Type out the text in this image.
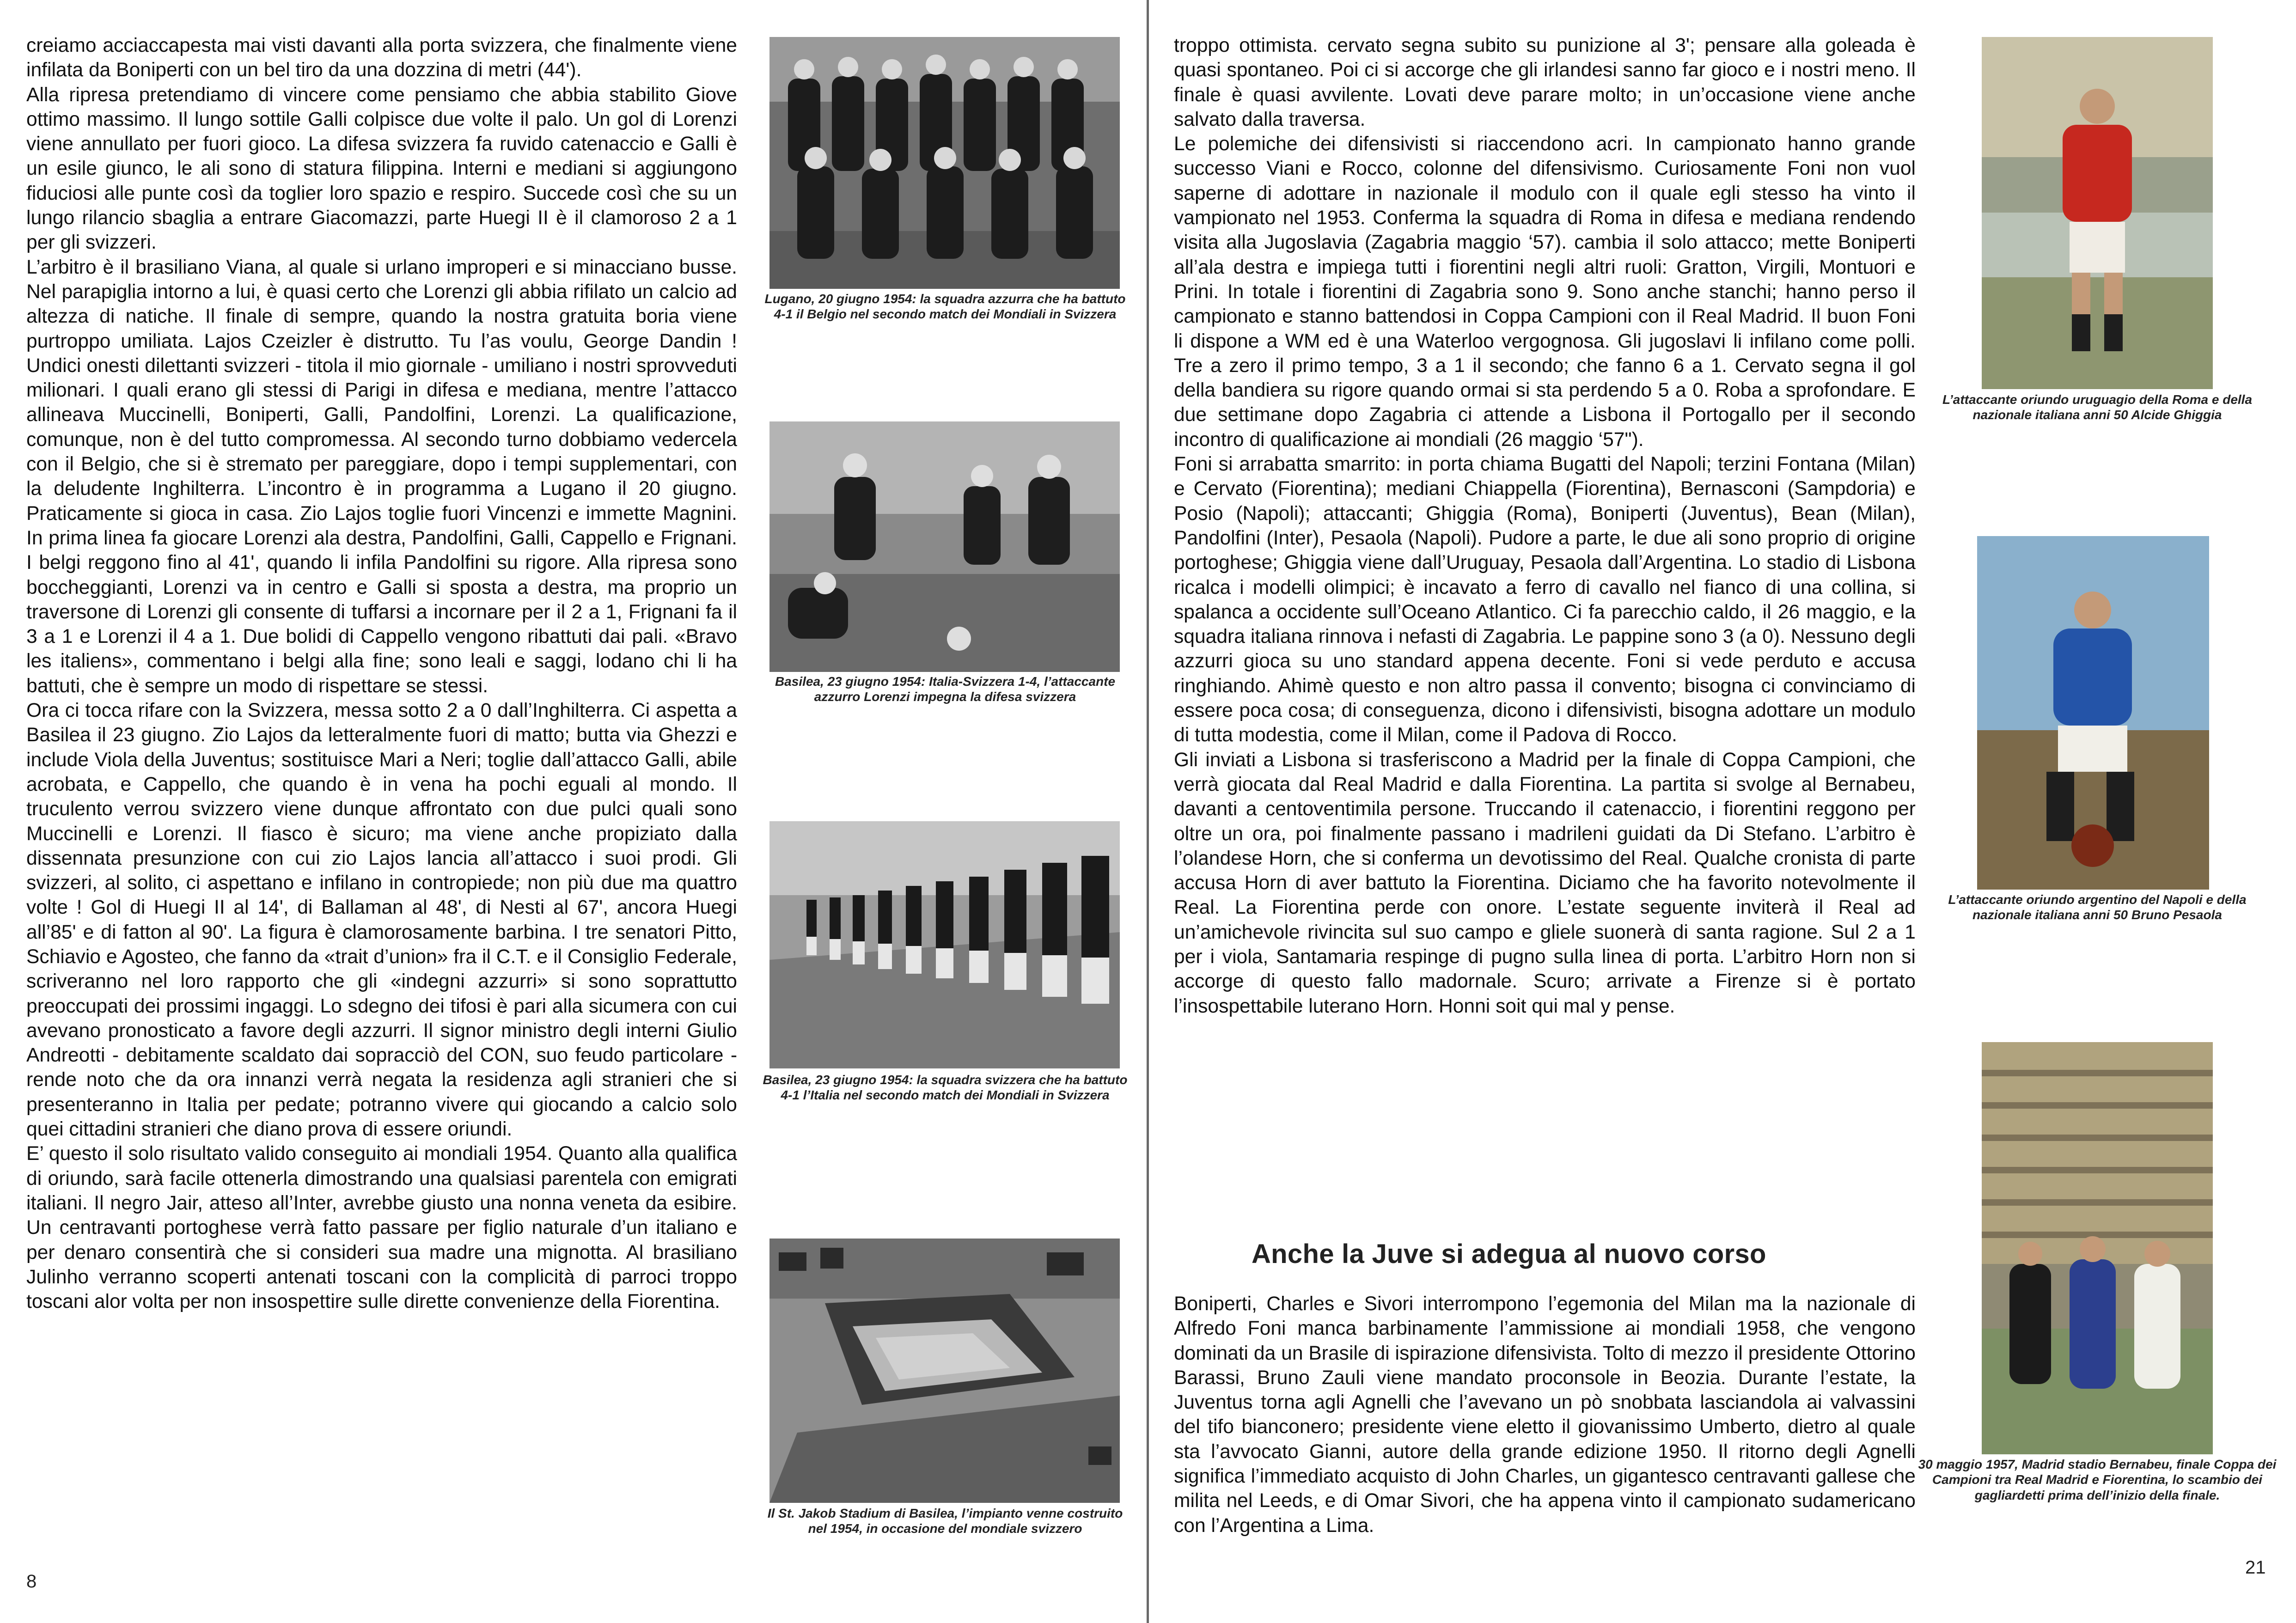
creiamo acciaccapesta mai visti davanti alla porta svizzera, che finalmente viene infilata da Boniperti con un bel tiro da una dozzina di metri (44').

Alla ripresa pretendiamo di vincere come pensiamo che abbia stabilito Giove ottimo massimo. Il lungo sottile Galli colpisce due volte il palo. Un gol di Lorenzi viene annullato per fuori gioco. La difesa svizzera fa ruvido catenaccio e Galli è un esile giunco, le ali sono di statura filippina. Interni e mediani si aggiungono fiduciosi alle punte così da toglier loro spazio e respiro. Succede così che su un lungo rilancio sbaglia a entrare Giacomazzi, parte Huegi II è il clamoroso 2 a 1 per gli svizzeri.

L’arbitro è il brasiliano Viana, al quale si urlano improperi e si minacciano busse. Nel parapiglia intorno a lui, è quasi certo che Lorenzi gli abbia rifilato un calcio ad altezza di natiche. Il finale di sempre, quando la nostra gratuita boria viene purtroppo umiliata. Lajos Czeizler è distrutto. Tu l’as voulu, George Dandin ! Undici onesti dilettanti svizzeri - titola il mio giornale - umiliano i nostri sprovveduti milionari. I quali erano gli stessi di Parigi in difesa e mediana, mentre l’attacco allineava Muccinelli, Boniperti, Galli, Pandolfini, Lorenzi. La qualificazione, comunque, non è del tutto compromessa. Al secondo turno dobbiamo vedercela con il Belgio, che si è stremato per pareggiare, dopo i tempi supplementari, con la deludente Inghilterra. L’incontro è in programma a Lugano il 20 giugno. Praticamente si gioca in casa. Zio Lajos toglie fuori Vincenzi e immette Magnini. In prima linea fa giocare Lorenzi ala destra, Pandolfini, Galli, Cappello e Frignani. I belgi reggono fino al 41', quando li infila Pandolfini su rigore. Alla ripresa sono boccheggianti, Lorenzi va in centro e Galli si sposta a destra, ma proprio un traversone di Lorenzi gli consente di tuffarsi a incornare per il 2 a 1, Frignani fa il 3 a 1 e Lorenzi il 4 a 1. Due bolidi di Cappello vengono ribattuti dai pali. «Bravo les italiens», commentano i belgi alla fine; sono leali e saggi, lodano chi li ha battuti, che è sempre un modo di rispettare se stessi.

Ora ci tocca rifare con la Svizzera, messa sotto 2 a 0 dall’Inghilterra. Ci aspetta a Basilea il 23 giugno. Zio Lajos da letteralmente fuori di matto; butta via Ghezzi e include Viola della Juventus; sostituisce Mari a Neri; toglie dall’attacco Galli, abile acrobata, e Cappello, che quando è in vena ha pochi eguali al mondo. Il truculento verrou svizzero viene dunque affrontato con due pulci quali sono Muccinelli e Lorenzi. Il fiasco è sicuro; ma viene anche propiziato dalla dissennata presunzione con cui zio Lajos lancia all’attacco i suoi prodi. Gli svizzeri, al solito, ci aspettano e infilano in contropiede; non più due ma quattro volte ! Gol di Huegi II al 14', di Ballaman al 48', di Nesti al 67', ancora Huegi all’85' e di fatton al 90'. La figura è clamorosamente barbina. I tre senatori Pitto, Schiavio e Agosteo, che fanno da «trait d’union» fra il C.T. e il Consiglio Federale, scriveranno nel loro rapporto che gli «indegni azzurri» si sono soprattutto preoccupati dei prossimi ingaggi. Lo sdegno dei tifosi è pari alla sicumera con cui avevano pronosticato a favore degli azzurri. Il signor ministro degli interni Giulio Andreotti - debitamente scaldato dai sopracciò del CON, suo feudo particolare - rende noto che da ora innanzi verrà negata la residenza agli stranieri che si presenteranno in Italia per pedate; potranno vivere qui giocando a calcio solo quei cittadini stranieri che diano prova di essere oriundi.

E’ questo il solo risultato valido conseguito ai mondiali 1954. Quanto alla qualifica di oriundo, sarà facile ottenerla dimostrando una qualsiasi parentela con emigrati italiani. Il negro Jair, atteso all’Inter, avrebbe giusto una nonna veneta da esibire. Un centravanti portoghese verrà fatto passare per figlio naturale d’un italiano e per denaro consentirà che si consideri sua madre una mignotta. Al brasiliano Julinho verranno scoperti antenati toscani con la complicità di parroci troppo toscani alor volta per non insospettire sulle dirette convenienze della Fiorentina.

Lugano, 20 giugno 1954: la squadra azzurra che ha battuto 4-1 il Belgio nel secondo match dei Mondiali in Svizzera

Basilea, 23 giugno 1954: Italia-Svizzera 1-4, l’attaccante azzurro Lorenzi impegna la difesa svizzera

Basilea, 23 giugno 1954: la squadra svizzera che ha battuto 4-1 l’Italia nel secondo match dei Mondiali in Svizzera

Il St. Jakob Stadium di Basilea, l’impianto venne costruito nel 1954, in occasione del mondiale svizzero

8

troppo ottimista. cervato segna subito su punizione al 3'; pensare alla goleada è quasi spontaneo. Poi ci si accorge che gli irlandesi sanno far gioco e i nostri meno. Il finale è quasi avvilente. Lovati deve parare molto; in un’occasione viene anche salvato dalla traversa.

Le polemiche dei difensivisti si riaccendono acri. In campionato hanno grande successo Viani e Rocco, colonne del difensivismo. Curiosamente Foni non vuol saperne di adottare in nazionale il modulo con il quale egli stesso ha vinto il vampionato nel 1953. Conferma la squadra di Roma in difesa e mediana rendendo visita alla Jugoslavia (Zagabria maggio ‘57). cambia il solo attacco; mette Boniperti all’ala destra e impiega tutti i fiorentini negli altri ruoli: Gratton, Virgili, Montuori e Prini. In totale i fiorentini di Zagabria sono 9. Sono anche stanchi; hanno perso il campionato e stanno battendosi in Coppa Campioni con il Real Madrid. Il buon Foni li dispone a WM ed è una Waterloo vergognosa. Gli jugoslavi li infilano come polli. Tre a zero il primo tempo, 3 a 1 il secondo; che fanno 6 a 1. Cervato segna il gol della bandiera su rigore quando ormai si sta perdendo 5 a 0. Roba a sprofondare. E due settimane dopo Zagabria ci attende a Lisbona il Portogallo per il secondo incontro di qualificazione ai mondiali (26 maggio ‘57").

Foni si arrabatta smarrito: in porta chiama Bugatti del Napoli; terzini Fontana (Milan) e Cervato (Fiorentina); mediani Chiappella (Fiorentina), Bernasconi (Sampdoria) e Posio (Napoli); attaccanti; Ghiggia (Roma), Boniperti (Juventus), Bean (Milan), Pandolfini (Inter), Pesaola (Napoli). Pudore a parte, le due ali sono proprio di origine portoghese; Ghiggia viene dall’Uruguay, Pesaola dall’Argentina. Lo stadio di Lisbona ricalca i modelli olimpici; è incavato a ferro di cavallo nel fianco di una collina, si spalanca a occidente sull’Oceano Atlantico. Ci fa parecchio caldo, il 26 maggio, e la squadra italiana rinnova i nefasti di Zagabria. Le pappine sono 3 (a 0). Nessuno degli azzurri gioca su uno standard appena decente. Foni si vede perduto e accusa ringhiando. Ahimè questo e non altro passa il convento; bisogna ci convinciamo di essere poca cosa; di conseguenza, dicono i difensivisti, bisogna adottare un modulo di tutta modestia, come il Milan, come il Padova di Rocco.

Gli inviati a Lisbona si trasferiscono a Madrid per la finale di Coppa Campioni, che verrà giocata dal Real Madrid e dalla Fiorentina. La partita si svolge al Bernabeu, davanti a centoventimila persone. Truccando il catenaccio, i fiorentini reggono per oltre un ora, poi finalmente passano i madrileni guidati da Di Stefano. L’arbitro è l’olandese Horn, che si conferma un devotissimo del Real. Qualche cronista di parte accusa Horn di aver battuto la Fiorentina. Diciamo che ha favorito notevolmente il Real. La Fiorentina perde con onore. L’estate seguente inviterà il Real ad un’amichevole rivincita sul suo campo e gliele suonerà di santa ragione. Sul 2 a 1 per i viola, Santamaria respinge di pugno sulla linea di porta. L’arbitro Horn non si accorge di questo fallo madornale. Scuro; arrivate a Firenze si è portato l’insospettabile luterano Horn. Honni soit qui mal y pense.

Anche la Juve si adegua al nuovo corso

Boniperti, Charles e Sivori interrompono l’egemonia del Milan ma la nazionale di Alfredo Foni manca barbinamente l’ammissione ai mondiali 1958, che vengono dominati da un Brasile di ispirazione difensivista. Tolto di mezzo il presidente Ottorino Barassi, Bruno Zauli viene mandato proconsole in Beozia. Durante l’estate, la Juventus torna agli Agnelli che l’avevano un pò snobbata lasciandola ai valvassini del tifo bianconero; presidente viene eletto il giovanissimo Umberto, dietro al quale sta l’avvocato Gianni, autore della grande edizione 1950. Il ritorno degli Agnelli significa l’immediato acquisto di John Charles, un gigantesco centravanti gallese che milita nel Leeds, e di Omar Sivori, che ha appena vinto il campionato sudamericano con l’Argentina a Lima.

L’attaccante oriundo uruguagio della Roma e della nazionale italiana anni 50 Alcide Ghiggia

L’attaccante oriundo argentino del Napoli e della nazionale italiana anni 50 Bruno Pesaola

30 maggio 1957, Madrid stadio Bernabeu, finale Coppa dei Campioni tra Real Madrid e Fiorentina, lo scambio dei gagliardetti prima dell’inizio della finale.

21
